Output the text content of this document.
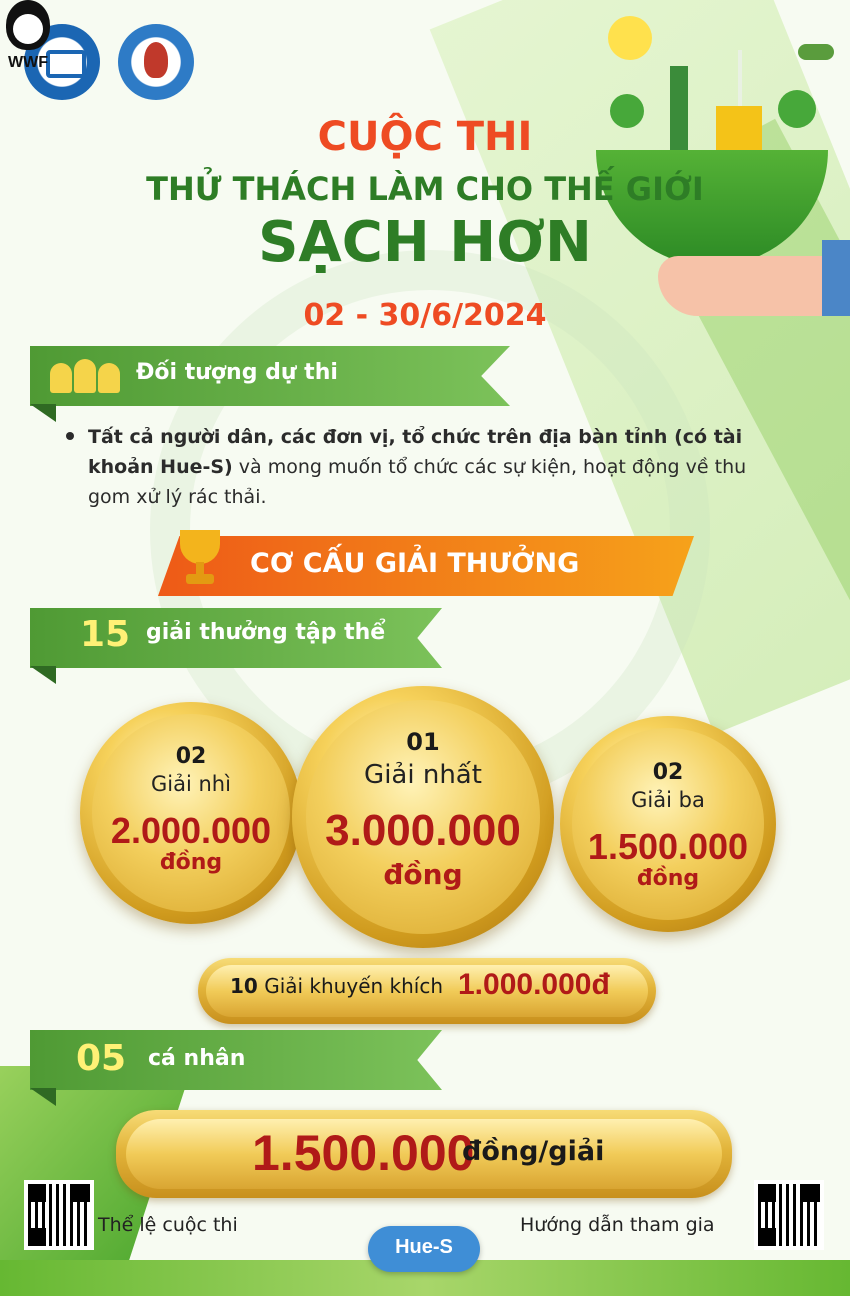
WWF
CUỘC THI
THỬ THÁCH LÀM CHO THẾ GIỚI
SẠCH HƠN
02 - 30/6/2024
Đối tượng dự thi
Tất cả người dân, các đơn vị, tổ chức trên địa bàn tỉnh (có tài khoản Hue-S) và mong muốn tổ chức các sự kiện, hoạt động về thu gom xử lý rác thải.
CƠ CẤU GIẢI THƯỞNG
15 giải thưởng tập thể
02
Giải nhì
2.000.000
đồng
01
Giải nhất
3.000.000
đồng
02
Giải ba
1.500.000
đồng
10 Giải khuyến khích 1.000.000đ
05 cá nhân
1.500.000
đồng/giải
Thể lệ cuộc thi	Hướng dẫn tham gia
Hue-S
